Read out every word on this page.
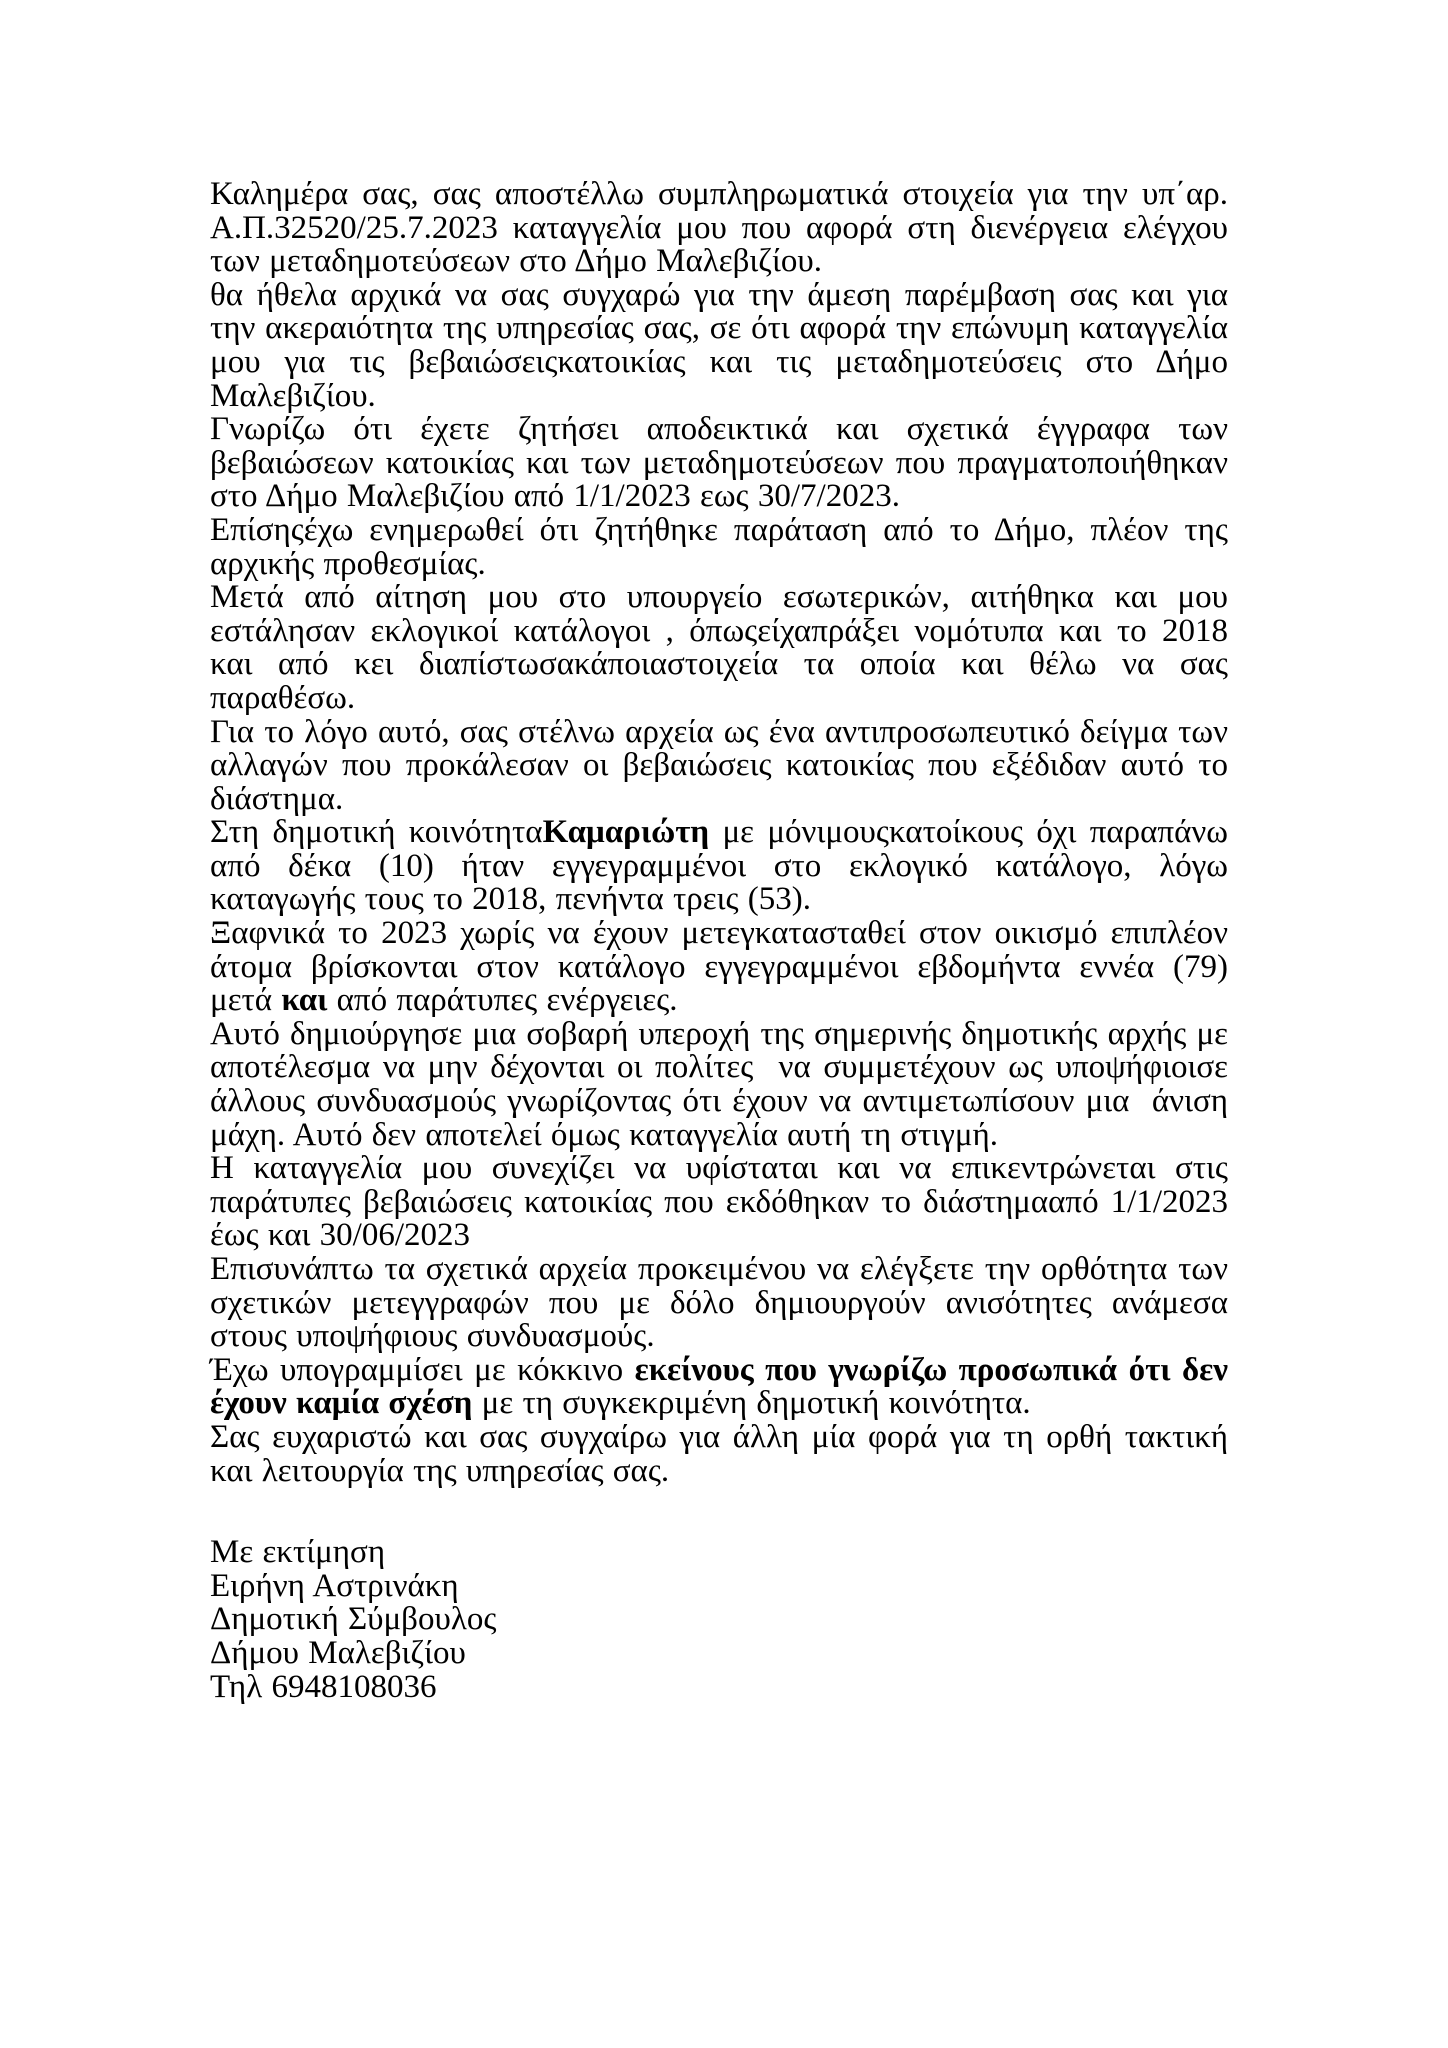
Καλημέρα σας, σας αποστέλλω συμπληρωματικά στοιχεία για την υπ΄αρ. Α.Π.32520/25.7.2023 καταγγελία μου που αφορά στη διενέργεια ελέγχου των μεταδημοτεύσεων στο Δήμο Μαλεβιζίου.

θα ήθελα αρχικά να σας συγχαρώ για την άμεση παρέμβαση σας και για την ακεραιότητα της υπηρεσίας σας, σε ότι αφορά την επώνυμη καταγγελία μου για τις βεβαιώσεις​κατοικίας και τις μεταδημοτεύσεις στο Δήμο Μαλεβιζίου.

Γνωρίζω ότι έχετε ζητήσει αποδεικτικά και σχετικά έγγραφα των βεβαιώσεων κατοικίας και των μεταδημοτεύσεων που πραγματοποιήθηκαν στο Δήμο Μαλεβιζίου από 1/1/2023 εως 30/7/2023.

Επίσης​έχω ενημερωθεί ότι ζητήθηκε παράταση από το Δήμο, πλέον της αρχικής προθεσμίας.

Μετά από αίτηση μου στο υπουργείο εσωτερικών, αιτήθηκα και μου εστάλησαν εκλογικοί κατάλογοι , όπως​είχα​πράξει νομότυπα και το 2018 και από κει διαπίστωσα​κάποια​στοιχεία τα οποία και θέλω να σας παραθέσω.

Για το λόγο αυτό, σας στέλνω αρχεία ως ένα αντιπροσωπευτικό δείγμα των αλλαγών που προκάλεσαν οι βεβαιώσεις κατοικίας που εξέδιδαν αυτό το διάστημα.

Στη δημοτική κοινότηταΚαμαριώτη με μόνιμους​κατοίκους όχι παραπάνω από δέκα (10) ήταν εγγεγραμμένοι στο εκλογικό κατάλογο, λόγω καταγωγής τους το 2018, πενήντα τρεις (53).

Ξαφνικά το 2023 χωρίς να έχουν μετεγκατασταθεί στον οικισμό επιπλέον άτομα βρίσκονται στον κατάλογο εγγεγραμμένοι εβδομήντα εννέα (79) μετά και από παράτυπες ενέργειες.

Αυτό δημιούργησε μια σοβαρή υπεροχή της σημερινής δημοτικής αρχής με αποτέλεσμα να μην δέχονται οι πολίτες  να συμμετέχουν ως υποψήφιοι​σε άλλους συνδυασμούς γνωρίζοντας ότι έχουν να αντιμετωπίσουν μια  άνιση μάχη. Αυτό δεν αποτελεί όμως καταγγελία αυτή τη στιγμή.

Η καταγγελία μου συνεχίζει να υφίσταται και να επικεντρώνεται στις παράτυπες βεβαιώσεις κατοικίας που εκδόθηκαν το διάστημα​από 1/1/2023 έως και 30/06/2023

Επισυνάπτω τα σχετικά αρχεία προκειμένου να ελέγξετε την ορθότητα των σχετικών μετεγγραφών που με δόλο δημιουργούν ανισότητες ανάμεσα στους υποψήφιους συνδυασμούς.

Έχω υπογραμμίσει με κόκκινο εκείνους που γνωρίζω προσωπικά ότι δεν έχουν καμία σχέση με τη συγκεκριμένη δημοτική κοινότητα.

Σας ευχαριστώ και σας συγχαίρω για άλλη μία φορά για τη ορθή τακτική και λειτουργία της υπηρεσίας σας.

Με εκτίμηση

Ειρήνη Αστρινάκη

Δημοτική Σύμβουλος

Δήμου Μαλεβιζίου

Τηλ 6948108036
